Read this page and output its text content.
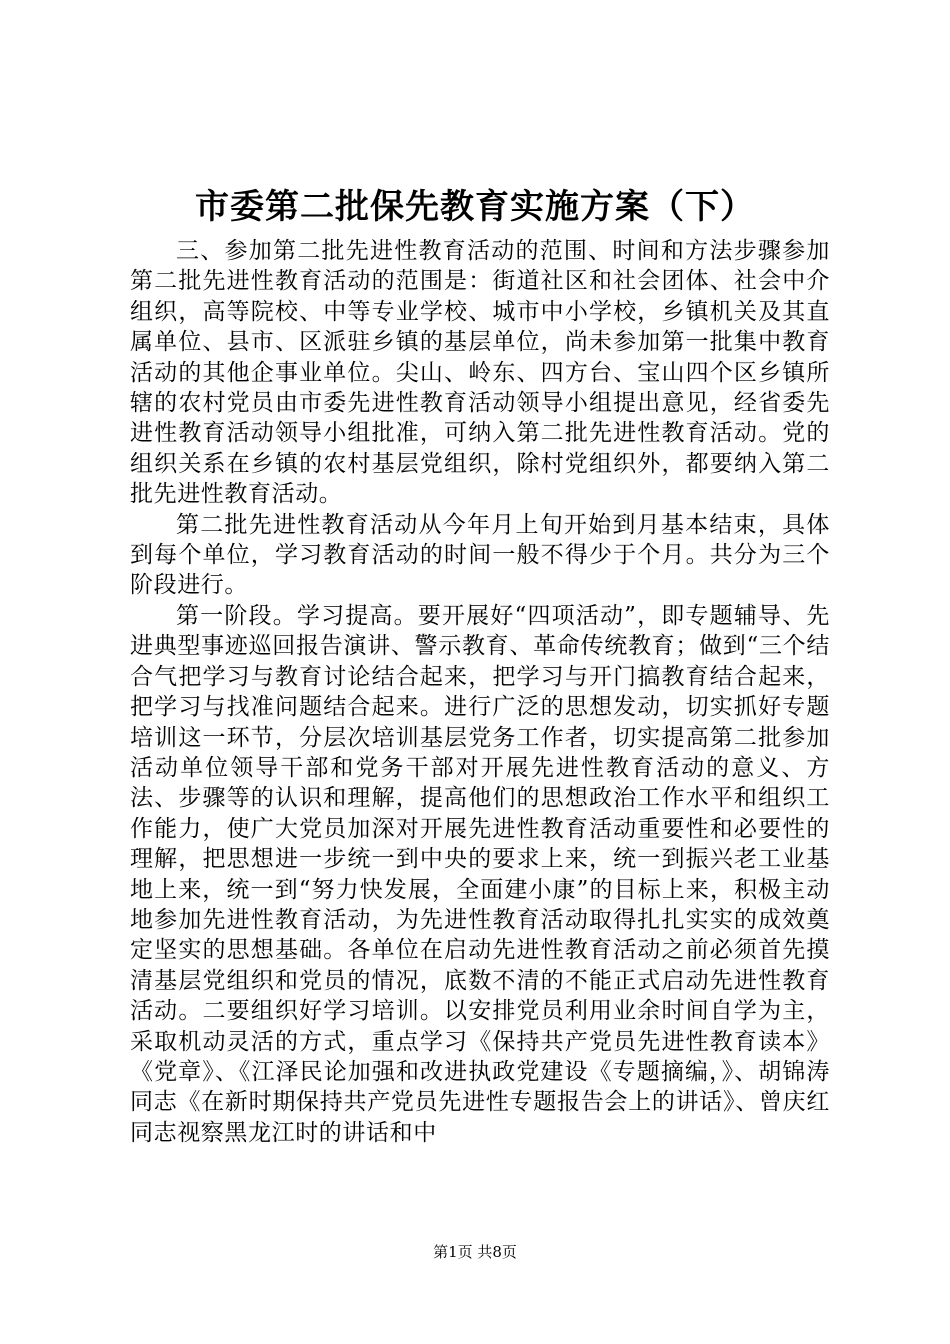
市委第二批保先教育实施方案（下）

三、参加第二批先进性教育活动的范围、时间和方法步骤参加第二批先进性教育活动的范围是：街道社区和社会团体、社会中介组织，高等院校、中等专业学校、城市中小学校，乡镇机关及其直属单位、县市、区派驻乡镇的基层单位，尚未参加第一批集中教育活动的其他企事业单位。尖山、岭东、四方台、宝山四个区乡镇所辖的农村党员由市委先进性教育活动领导小组提出意见，经省委先进性教育活动领导小组批准，可纳入第二批先进性教育活动。党的组织关系在乡镇的农村基层党组织，除村党组织外，都要纳入第二批先进性教育活动。

第二批先进性教育活动从今年月上旬开始到月基本结束，具体到每个单位，学习教育活动的时间一般不得少于个月。共分为三个阶段进行。

第一阶段。学习提高。要开展好“四项活动”，即专题辅导、先进典型事迹巡回报告演讲、警示教育、革命传统教育；做到“三个结合气把学习与教育讨论结合起来，把学习与开门搞教育结合起来，把学习与找准问题结合起来。进行广泛的思想发动，切实抓好专题培训这一环节，分层次培训基层党务工作者，切实提高第二批参加活动单位领导干部和党务干部对开展先进性教育活动的意义、方法、步骤等的认识和理解，提高他们的思想政治工作水平和组织工作能力，使广大党员加深对开展先进性教育活动重要性和必要性的理解，把思想进一步统一到中央的要求上来，统一到振兴老工业基地上来，统一到“努力快发展，全面建小康”的目标上来，积极主动地参加先进性教育活动，为先进性教育活动取得扎扎实实的成效奠定坚实的思想基础。各单位在启动先进性教育活动之前必须首先摸清基层党组织和党员的情况，底数不清的不能正式启动先进性教育活动。二要组织好学习培训。以安排党员利用业余时间自学为主，采取机动灵活的方式，重点学习《保持共产党员先进性教育读本》《党章》、《江泽民论加强和改进执政党建设《专题摘编，》、胡锦涛同志《在新时期保持共产党员先进性专题报告会上的讲话》、曾庆红同志视察黑龙江时的讲话和中

第1页 共8页
